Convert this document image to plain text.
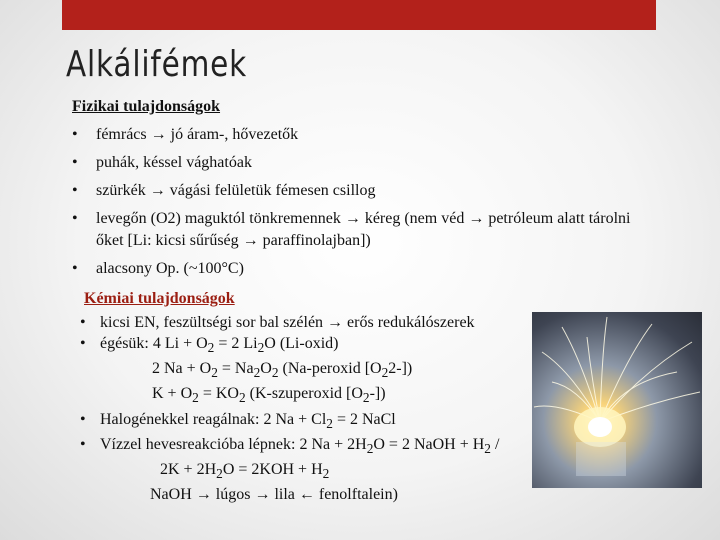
Alkálifémek

Fizikai tulajdonságok

• fémrács → jó áram-, hővezetők
• puhák, késsel vághatóak
• szürkék → vágási felületük fémesen csillog
• levegőn (O2) maguktól tönkremennek → kéreg (nem véd → petróleum alatt tárolni őket [Li: kicsi sűrűség → paraffinolajban])
• alacsony Op. (~100°C)

Kémiai tulajdonságok

• kicsi EN, feszültségi sor bal szélén → erős redukálószerek
• égésük: 4 $Li + O_2 = 2$ $Li_2O$ (Li-oxid)
2 $Na + O_2 = Na_2O_2$ (Na-peroxid $[O_22-]$)
$K + O_2 = KO_2$ (K-szuperoxid $[O_2-]$)
• Halogénekkel reagálnak: 2 $Na + Cl_2 = 2$ NaCl
• Vízzel hevesreakcióba lépnek: 2 $Na + 2H_2O = 2$ NaOH + $H_2$ /
$2K + 2H_2O = 2KOH + H_2$
NaOH → lúgos → lila ← fenolftalein)
